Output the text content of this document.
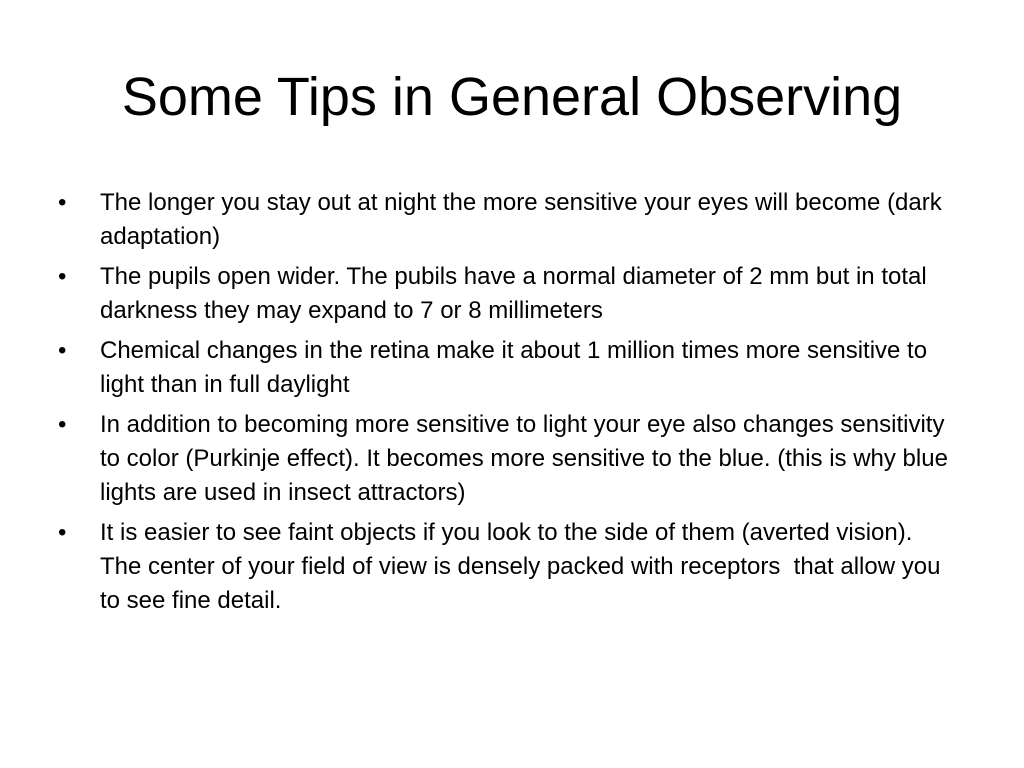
Some Tips in General Observing
•	The longer you stay out at night the more sensitive your eyes will become (dark adaptation)
•	The pupils open wider. The pubils have a normal diameter of 2 mm but in total darkness they may expand to 7 or 8 millimeters
•	Chemical changes in the retina make it about 1 million times more sensitive to light than in full daylight
•	In addition to becoming more sensitive to light your eye also changes sensitivity to color (Purkinje effect). It becomes more sensitive to the blue. (this is why blue lights are used in insect attractors)
•	It is easier to see faint objects if you look to the side of them (averted vision). The center of your field of view is densely packed with receptors  that allow you to see fine detail.
